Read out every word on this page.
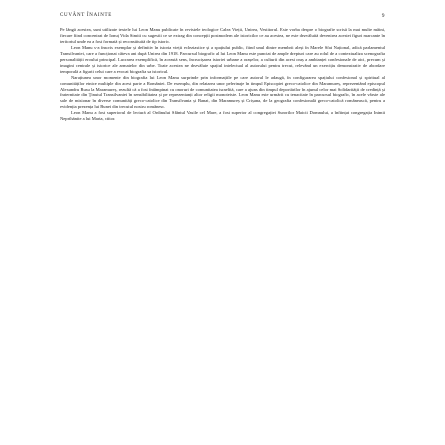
CUVÂNT ÎNAINTE	9

Pe lângă acestea, sunt utilizate textele lui Leon Manu publicate în revistele teologice Calea Vieții, Unirea, Vestitorul. Este vorba despre o biografie scrisă la mai multe mâini, fiecare fiind concentrat de Ionuț Vida Simiti cu sugestii ce se extrag din concepții postmodern ale istoricilor ce au acestea, ne este dezvăluită devenirea acestei figuri marcante în teritoriul unde ea a fost formată și reconstituită de tip istoric.

Leon Manu s-a înscris exemplar și definitiv în istoria vieții ecleziastice și a spațiului public, fiind unul dintre membrii aleși în Marele Sfat Național, adică parlamentul Transilvaniei, care a funcționat câteva ani după Unirea din 1918. Parcursul biografic al lui Leon Manu este punctat de ample drepturi care au rolul de a contextualiza scenografia personalității eroului principal. Lucrarea exemplifică, în această sens, încrucișarea istoriei urbane a orașelor, a culturii din acest oraș a ambianței confesionale de aici, precum și imagini centrale și istorice ale armatelor din urbe. Toate acestea ne dezvăluie spațiul intelectual al autorului pentru trecut, relevând un exercițiu demonstrativ de abordare temporală a figurii celui care a evocat biografia sa istoricul.

Narațiunea unor momente din biografia lui Leon Manu surprinde prin informațiile pe care autorul le adaugă, în configurarea spațiului confesional și spiritual al comunităților etnice multiple din acest parte a României. De exemplu, din relatarea unor pelerinaje în timpul Episcopiei greco-catolice din Maramureș, reprezentând episcopul Alexandru Rusu la Maramureș, rezultă că a fost întâmpinat cu onoruri de comunitatea israelită, care a ajuns din timpul deportărilor în ajunul celor mai Solidarității de credință și fraternitate din Ţinutul Transilvaniei în sensibilitatea și pe reprezentanți altor religii monoteiste. Leon Manu este urmărit cu tenacitate în parcursul biografic, în acele vârste ale sale de misionar în diverse comunități greco-catolice din Transilvania și Banat, din Maramureș și Crișana, de la geografia confesională greco-catolică românească, pentru a evidenția prezența lui Bunei din trecutul nostru românesc.

Leon Manu a fost superiorul de lectură al Ordinului Sfântul Vasile cel Mare, a fost superior al congregației Surorilor Maicii Domnului, a înființat congregația Inimii Neprihănite a lui Maria, ctitor.
